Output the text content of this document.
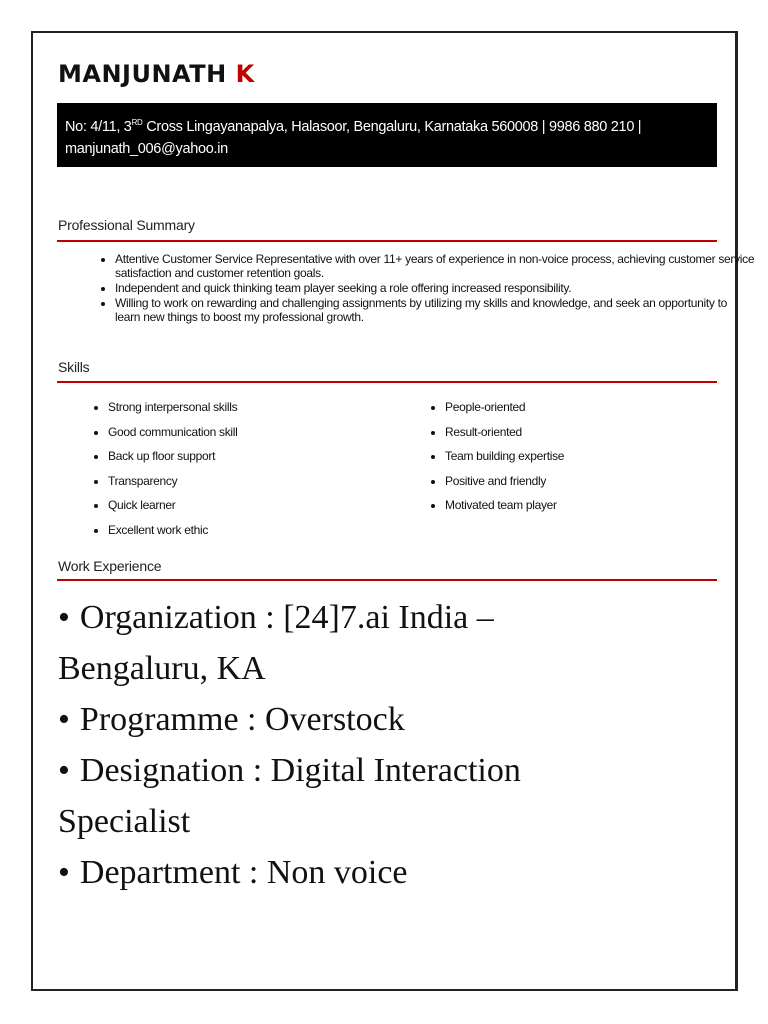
MANJUNATH K
No: 4/11, 3RD Cross Lingayanapalya, Halasoor, Bengaluru, Karnataka 560008 | 9986 880 210 |
manjunath_006@yahoo.in
Professional Summary
• Attentive Customer Service Representative with over 11+ years of experience in non-voice process, achieving customer service satisfaction and customer retention goals.
• Independent and quick thinking team player seeking a role offering increased responsibility.
• Willing to work on rewarding and challenging assignments by utilizing my skills and knowledge, and seek an opportunity to learn new things to boost my professional growth.
Skills
• Strong interpersonal skills
• Good communication skill
• Back up floor support
• Transparency
• Quick learner
• Excellent work ethic
• People-oriented
• Result-oriented
• Team building expertise
• Positive and friendly
• Motivated team player
Work Experience
• Organization : [24]7.ai India –
Bengaluru, KA
• Programme : Overstock
• Designation : Digital Interaction
Specialist
• Department : Non voice
